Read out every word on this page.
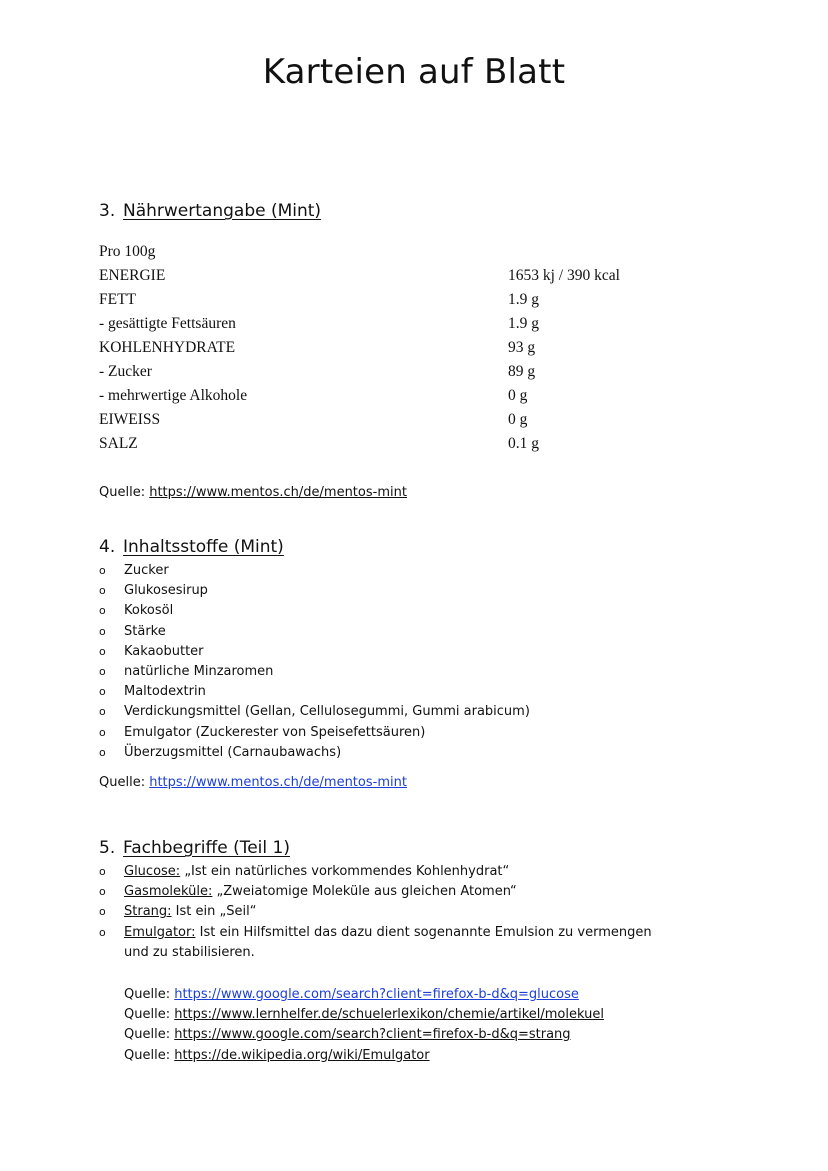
Karteien auf Blatt
3. Nährwertangabe (Mint)
Pro 100g
ENERGIE	1653 kj / 390 kcal
FETT	1.9 g
- gesättigte Fettsäuren	1.9 g
KOHLENHYDRATE	93 g
- Zucker	89 g
- mehrwertige Alkohole	0 g
EIWEISS	0 g
SALZ	0.1 g
Quelle: https://www.mentos.ch/de/mentos-mint
4. Inhaltsstoffe (Mint)
o	Zucker
o	Glukosesirup
o	Kokosöl
o	Stärke
o	Kakaobutter
o	natürliche Minzaromen
o	Maltodextrin
o	Verdickungsmittel (Gellan, Cellulosegummi, Gummi arabicum)
o	Emulgator (Zuckerester von Speisefettsäuren)
o	Überzugsmittel (Carnaubawachs)
Quelle: https://www.mentos.ch/de/mentos-mint
5. Fachbegriffe (Teil 1)
o	Glucose: „Ist ein natürliches vorkommendes Kohlenhydrat“
o	Gasmoleküle: „Zweiatomige Moleküle aus gleichen Atomen“
o	Strang: Ist ein „Seil“
o	Emulgator: Ist ein Hilfsmittel das dazu dient sogenannte Emulsion zu vermengen und zu stabilisieren.
Quelle: https://www.google.com/search?client=firefox-b-d&q=glucose
Quelle: https://www.lernhelfer.de/schuelerlexikon/chemie/artikel/molekuel
Quelle: https://www.google.com/search?client=firefox-b-d&q=strang
Quelle: https://de.wikipedia.org/wiki/Emulgator
